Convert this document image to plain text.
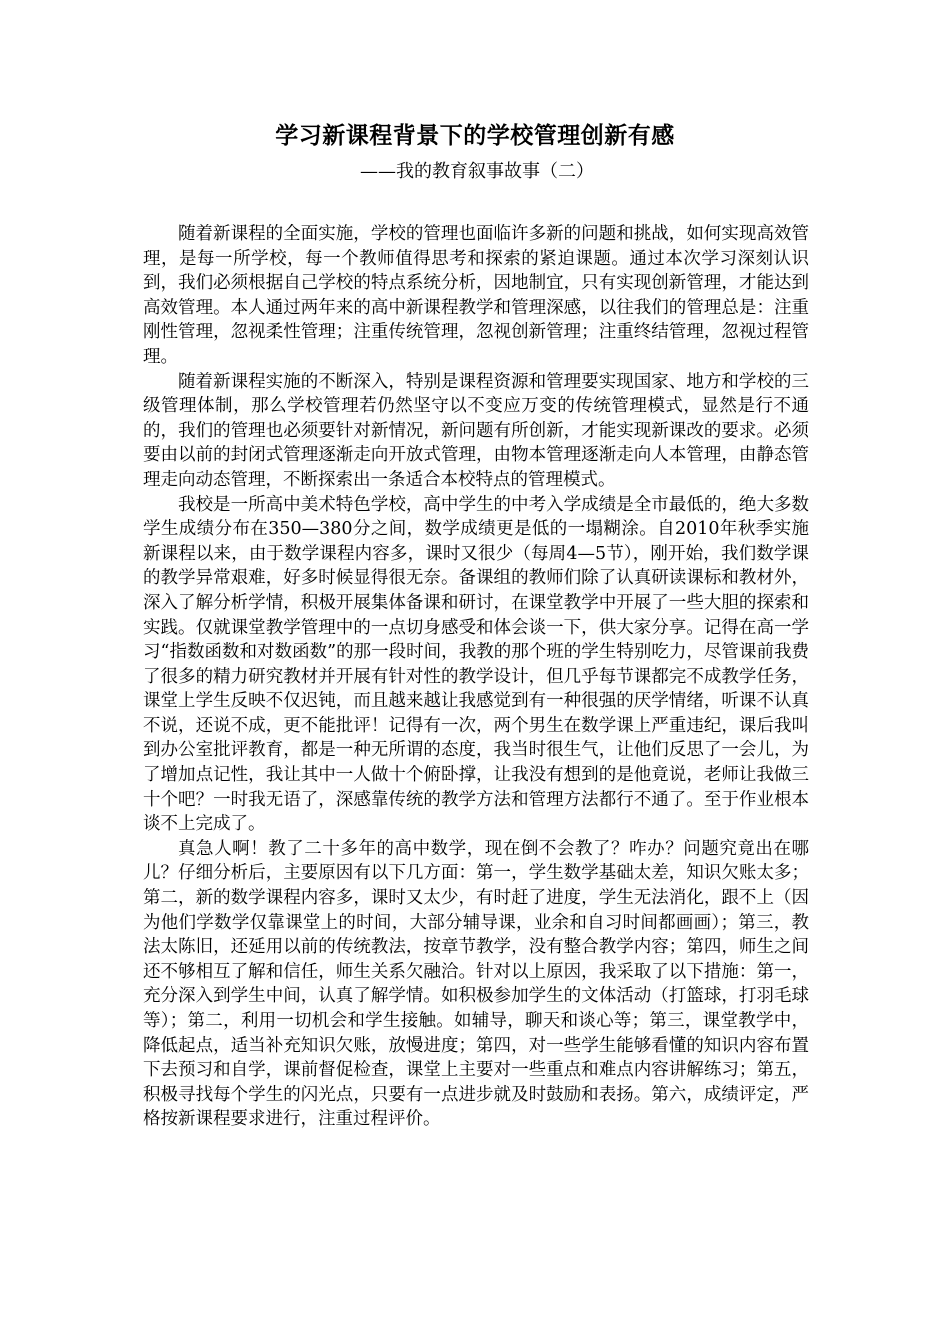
学习新课程背景下的学校管理创新有感
——我的教育叙事故事（二）

随着新课程的全面实施，学校的管理也面临许多新的问题和挑战，如何实现高效管理，是每一所学校，每一个教师值得思考和探索的紧迫课题。通过本次学习深刻认识到，我们必须根据自己学校的特点系统分析，因地制宜，只有实现创新管理，才能达到高效管理。本人通过两年来的高中新课程教学和管理深感，以往我们的管理总是：注重刚性管理，忽视柔性管理；注重传统管理，忽视创新管理；注重终结管理，忽视过程管理。

随着新课程实施的不断深入，特别是课程资源和管理要实现国家、地方和学校的三级管理体制，那么学校管理若仍然坚守以不变应万变的传统管理模式，显然是行不通的，我们的管理也必须要针对新情况，新问题有所创新，才能实现新课改的要求。必须要由以前的封闭式管理逐渐走向开放式管理，由物本管理逐渐走向人本管理，由静态管理走向动态管理，不断探索出一条适合本校特点的管理模式。

我校是一所高中美术特色学校，高中学生的中考入学成绩是全市最低的，绝大多数学生成绩分布在350—380分之间，数学成绩更是低的一塌糊涂。自2010年秋季实施新课程以来，由于数学课程内容多，课时又很少（每周4—5节），刚开始，我们数学课的教学异常艰难，好多时候显得很无奈。备课组的教师们除了认真研读课标和教材外，深入了解分析学情，积极开展集体备课和研讨，在课堂教学中开展了一些大胆的探索和实践。仅就课堂教学管理中的一点切身感受和体会谈一下，供大家分享。记得在高一学习“指数函数和对数函数”的那一段时间，我教的那个班的学生特别吃力，尽管课前我费了很多的精力研究教材并开展有针对性的教学设计，但几乎每节课都完不成教学任务，课堂上学生反映不仅迟钝，而且越来越让我感觉到有一种很强的厌学情绪，听课不认真不说，还说不成，更不能批评！记得有一次，两个男生在数学课上严重违纪，课后我叫到办公室批评教育，都是一种无所谓的态度，我当时很生气，让他们反思了一会儿，为了增加点记性，我让其中一人做十个俯卧撑，让我没有想到的是他竟说，老师让我做三十个吧？一时我无语了，深感靠传统的教学方法和管理方法都行不通了。至于作业根本谈不上完成了。

真急人啊！教了二十多年的高中数学，现在倒不会教了？咋办？问题究竟出在哪儿？仔细分析后，主要原因有以下几方面：第一，学生数学基础太差，知识欠账太多；第二，新的数学课程内容多，课时又太少，有时赶了进度，学生无法消化，跟不上（因为他们学数学仅靠课堂上的时间，大部分辅导课，业余和自习时间都画画）；第三，教法太陈旧，还延用以前的传统教法，按章节教学，没有整合教学内容；第四，师生之间还不够相互了解和信任，师生关系欠融洽。针对以上原因，我采取了以下措施：第一，充分深入到学生中间，认真了解学情。如积极参加学生的文体活动（打篮球，打羽毛球等）；第二，利用一切机会和学生接触。如辅导，聊天和谈心等；第三，课堂教学中，降低起点，适当补充知识欠账，放慢进度；第四，对一些学生能够看懂的知识内容布置下去预习和自学，课前督促检查，课堂上主要对一些重点和难点内容讲解练习；第五，积极寻找每个学生的闪光点，只要有一点进步就及时鼓励和表扬。第六，成绩评定，严格按新课程要求进行，注重过程评价。
